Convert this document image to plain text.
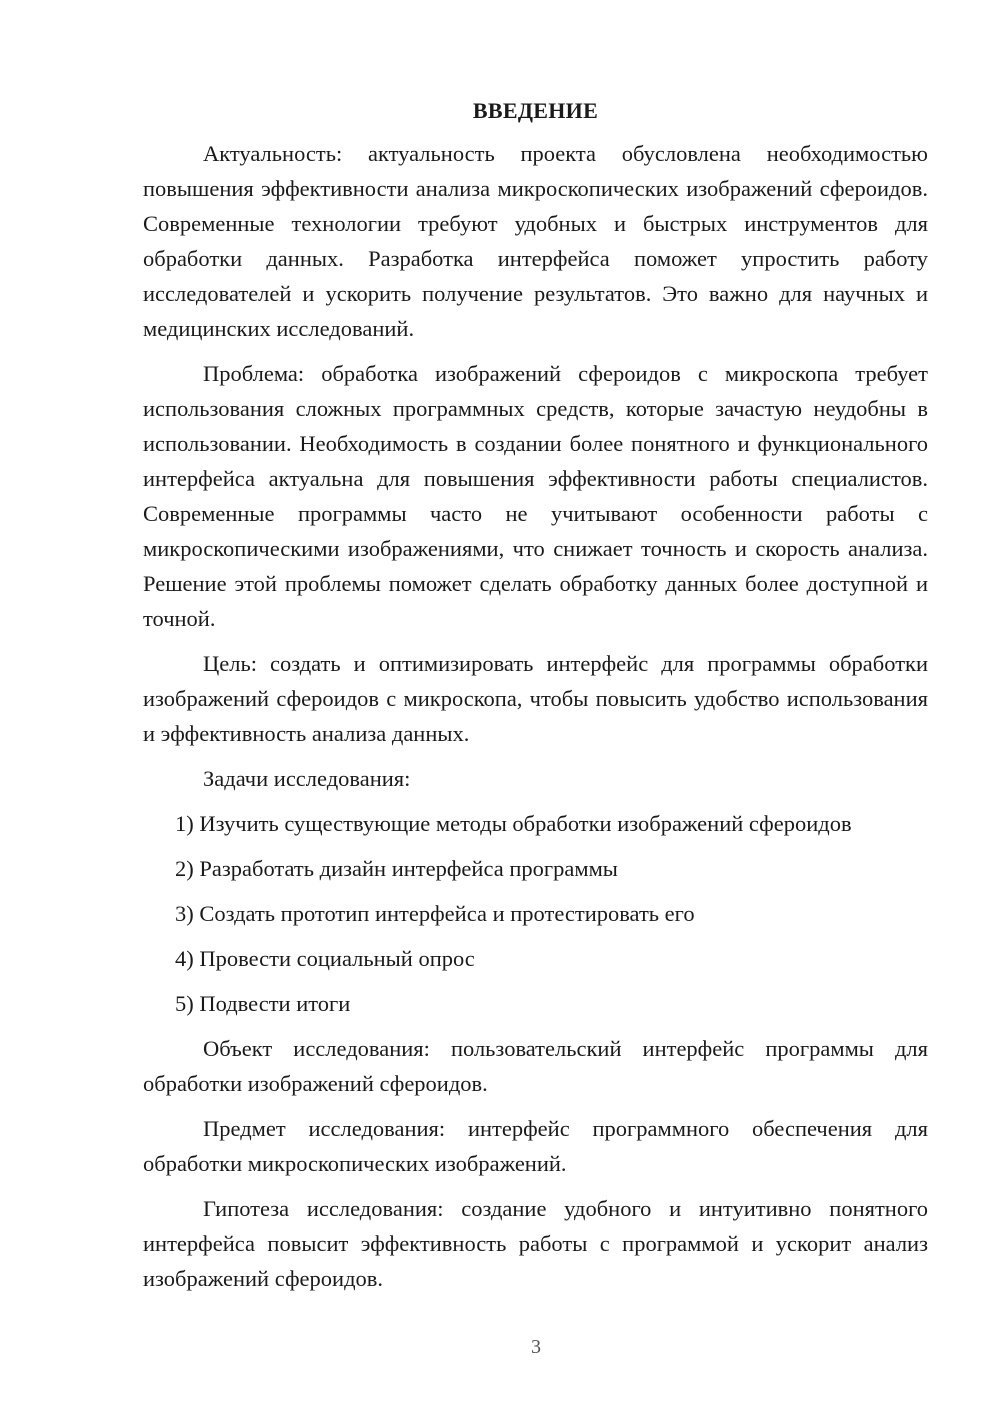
ВВЕДЕНИЕ

Актуальность: актуальность проекта обусловлена необходимостью повышения эффективности анализа микроскопических изображений сфероидов. Современные технологии требуют удобных и быстрых инструментов для обработки данных. Разработка интерфейса поможет упростить работу исследователей и ускорить получение результатов. Это важно для научных и медицинских исследований.

Проблема: обработка изображений сфероидов с микроскопа требует использования сложных программных средств, которые зачастую неудобны в использовании. Необходимость в создании более понятного и функционального интерфейса актуальна для повышения эффективности работы специалистов. Современные программы часто не учитывают особенности работы с микроскопическими изображениями, что снижает точность и скорость анализа. Решение этой проблемы поможет сделать обработку данных более доступной и точной.

Цель: создать и оптимизировать интерфейс для программы обработки изображений сфероидов с микроскопа, чтобы повысить удобство использования и эффективность анализа данных.

Задачи исследования:

1) Изучить существующие методы обработки изображений сфероидов
2) Разработать дизайн интерфейса программы
3) Создать прототип интерфейса и протестировать его
4) Провести социальный опрос
5) Подвести итоги

Объект исследования: пользовательский интерфейс программы для обработки изображений сфероидов.

Предмет исследования: интерфейс программного обеспечения для обработки микроскопических изображений.

Гипотеза исследования: создание удобного и интуитивно понятного интерфейса повысит эффективность работы с программой и ускорит анализ изображений сфероидов.

3
